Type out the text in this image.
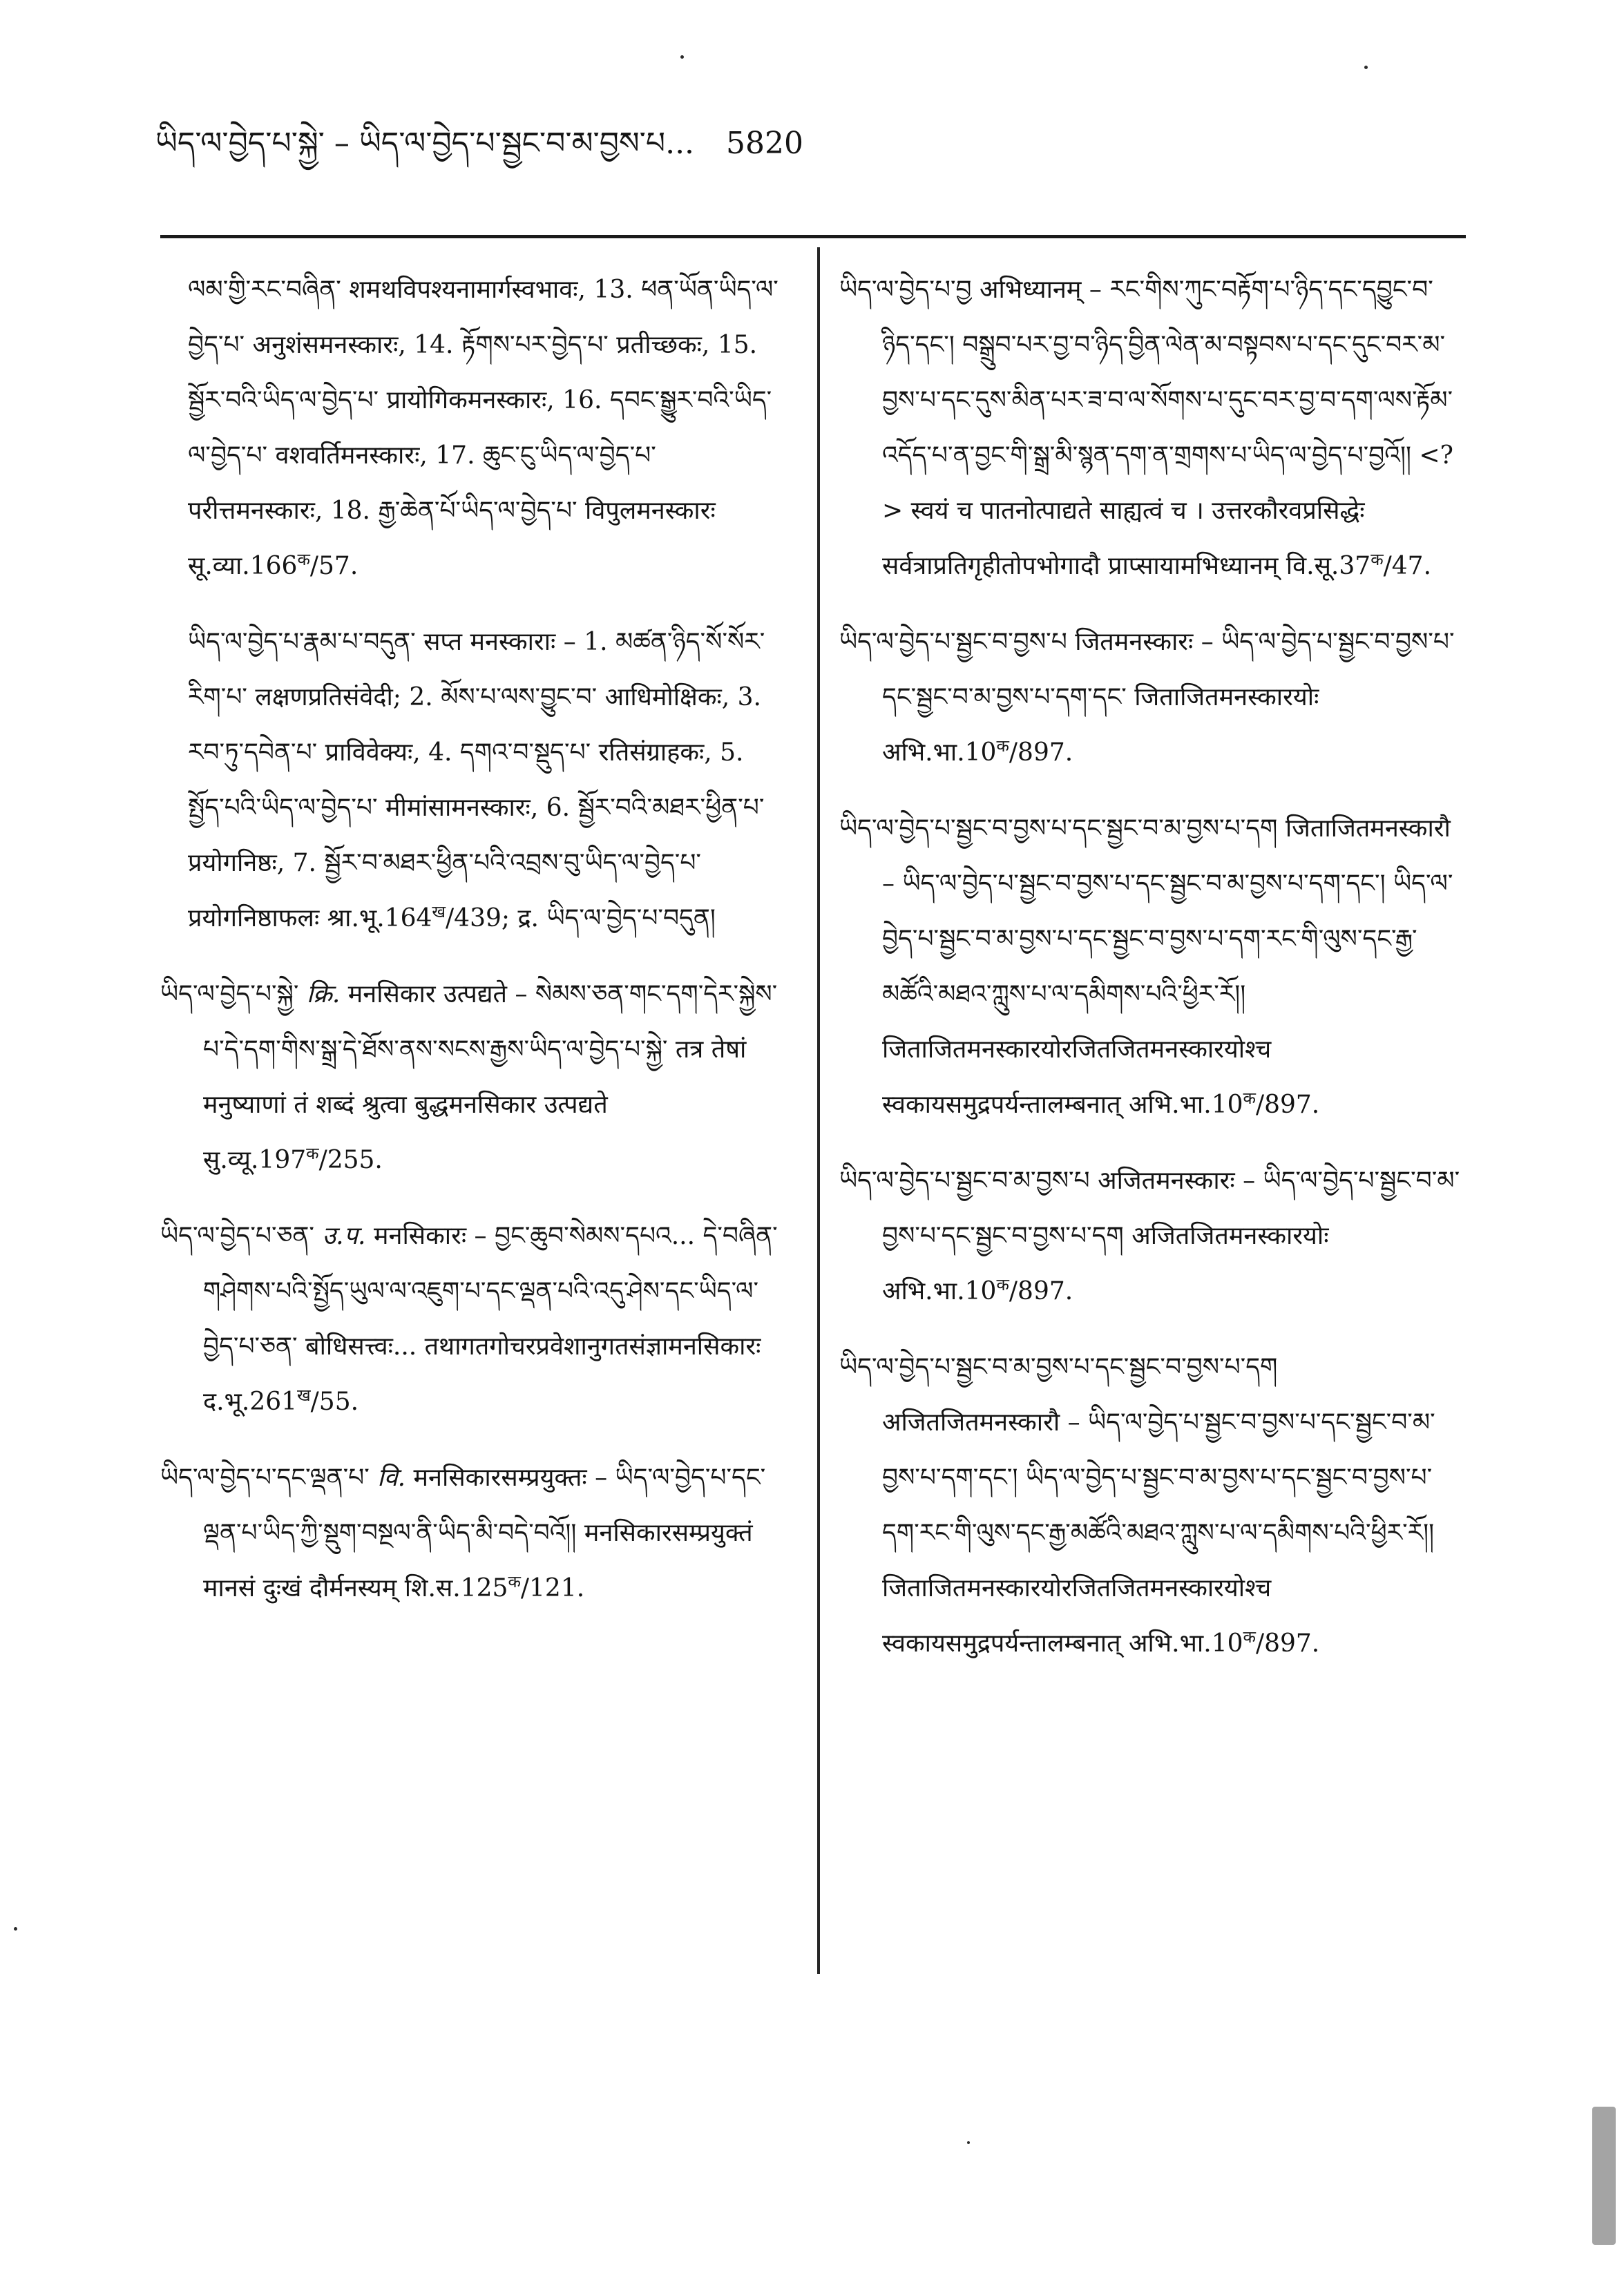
ཡིད་ལ་བྱེད་པ་སྐྱེ་ – ཡིད་ལ་བྱེད་པ་སྦྱང་བ་མ་བྱས་པ... 5820

ལམ་གྱི་རང་བཞིན་ शमथविपश्यनामार्गस्वभावः, 13. ཕན་ཡོན་ཡིད་ལ་བྱེད་པ་ अनुशंसमनस्कारः, 14. རྟོགས་པར་བྱེད་པ་ प्रतीच्छकः, 15. སྦྱོར་བའི་ཡིད་ལ་བྱེད་པ་ प्रायोगिकमनस्कारः, 16. དབང་སྒྱུར་བའི་ཡིད་ལ་བྱེད་པ་ वशवर्तिमनस्कारः, 17. ཆུང་ངུ་ཡིད་ལ་བྱེད་པ་ परीत्तमनस्कारः, 18. རྒྱ་ཆེན་པོ་ཡིད་ལ་བྱེད་པ་ विपुलमनस्कारः $सू.व्या.166^क/57$.

ཡིད་ལ་བྱེད་པ་རྣམ་པ་བདུན་ सप्त मनस्काराः – 1. མཚན་ཉིད་སོ་སོར་རིག་པ་ लक्षणप्रतिसंवेदी; 2. མོས་པ་ལས་བྱུང་བ་ आधिमोक्षिकः, 3. རབ་ཏུ་དབེན་པ་ प्राविवेक्यः, 4. དགའ་བ་སྡུད་པ་ रतिसंग्राहकः, 5. སྤྱོད་པའི་ཡིད་ལ་བྱེད་པ་ मीमांसामनस्कारः, 6. སྦྱོར་བའི་མཐར་ཕྱིན་པ་ प्रयोगनिष्ठः, 7. སྦྱོར་བ་མཐར་ཕྱིན་པའི་འབྲས་བུ་ཡིད་ལ་བྱེད་པ་ प्रयोगनिष्ठाफलः $श्रा.भू.164^ख/439$; द्र. ཡིད་ལ་བྱེད་པ་བདུན།

ཡིད་ལ་བྱེད་པ་སྐྱེ་ क्रि. मनसिकार उत्पद्यते – སེམས་ཅན་གང་དག་དེར་སྐྱེས་པ་དེ་དག་གིས་སྒྲ་དེ་ཐོས་ནས་སངས་རྒྱས་ཡིད་ལ་བྱེད་པ་སྐྱེ་ तत्र तेषां मनुष्याणां तं शब्दं श्रुत्वा बुद्धमनसिकार उत्पद्यते $सु.व्यू.197^क/255$.

ཡིད་ལ་བྱེད་པ་ཅན་ उ.प. मनसिकारः – བྱང་ཆུབ་སེམས་དཔའ... དེ་བཞིན་གཤེགས་པའི་སྤྱོད་ཡུལ་ལ་འཇུག་པ་དང་ལྡན་པའི་འདུ་ཤེས་དང་ཡིད་ལ་བྱེད་པ་ཅན་ बोधिसत्त्वः... तथागतगोचरप्रवेशानुगतसंज्ञामनसिकारः $द.भू.261^ख/55$.

ཡིད་ལ་བྱེད་པ་དང་ལྡན་པ་ वि. मनसिकारसम्प्रयुक्तः – ཡིད་ལ་བྱེད་པ་དང་ལྡན་པ་ཡིད་ཀྱི་སྡུག་བསྔལ་ནི་ཡིད་མི་བདེ་བའོ།། मनसिकारसम्प्रयुक्तं मानसं दुःखं दौर्मनस्यम् $शि.स.125^क/121$.

ཡིད་ལ་བྱེད་པ་བྱ अभिध्यानम् – རང་གིས་ཀུང་བརྟོག་པ་ཉིད་དང་དབྱུང་བ་ཉིད་དང་། བསྒྲུབ་པར་བྱ་བ་ཉིད་བྱིན་ལེན་མ་བསྟབས་པ་དང་དུང་བར་མ་བྱས་པ་དང་དུས་མིན་པར་ཟ་བ་ལ་སོགས་པ་དུང་བར་བྱ་བ་དག་ལས་རྟོམ་འདོད་པ་ན་བྱང་གི་སྒྲ་མི་སྙན་དག་ན་གྲགས་པ་ཡིད་ལ་བྱེད་པ་བྱའོ།། <?> स्वयं च पातनोत्पाद्यते साह्यत्वं च । उत्तरकौरवप्रसिद्धेः सर्वत्राप्रतिगृहीतोपभोगादौ प्राप्सायामभिध्यानम् $वि.सू.37^क/47$.

ཡིད་ལ་བྱེད་པ་སྦྱང་བ་བྱས་པ जितमनस्कारः – ཡིད་ལ་བྱེད་པ་སྦྱང་བ་བྱས་པ་དང་སྦྱང་བ་མ་བྱས་པ་དག་དང་ जिताजितमनस्कारयोः $अभि.भा.10^क/897$.

ཡིད་ལ་བྱེད་པ་སྦྱང་བ་བྱས་པ་དང་སྦྱང་བ་མ་བྱས་པ་དག जिताजितमनस्कारौ – ཡིད་ལ་བྱེད་པ་སྦྱང་བ་བྱས་པ་དང་སྦྱང་བ་མ་བྱས་པ་དག་དང་། ཡིད་ལ་བྱེད་པ་སྦྱང་བ་མ་བྱས་པ་དང་སྦྱང་བ་བྱས་པ་དག་རང་གི་ལུས་དང་རྒྱ་མཚོའི་མཐའ་ཀླུས་པ་ལ་དམིགས་པའི་ཕྱིར་རོ།། जिताजितमनस्कारयोरजितजितमनस्कारयोश्च स्वकायसमुद्रपर्यन्तालम्बनात् $अभि.भा.10^क/897$.

ཡིད་ལ་བྱེད་པ་སྦྱང་བ་མ་བྱས་པ अजितमनस्कारः – ཡིད་ལ་བྱེད་པ་སྦྱང་བ་མ་བྱས་པ་དང་སྦྱང་བ་བྱས་པ་དག अजितजितमनस्कारयोः $अभि.भा.10^क/897$.

ཡིད་ལ་བྱེད་པ་སྦྱང་བ་མ་བྱས་པ་དང་སྦྱང་བ་བྱས་པ་དག अजितजितमनस्कारौ – ཡིད་ལ་བྱེད་པ་སྦྱང་བ་བྱས་པ་དང་སྦྱང་བ་མ་བྱས་པ་དག་དང་། ཡིད་ལ་བྱེད་པ་སྦྱང་བ་མ་བྱས་པ་དང་སྦྱང་བ་བྱས་པ་དག་རང་གི་ལུས་དང་རྒྱ་མཚོའི་མཐའ་ཀླུས་པ་ལ་དམིགས་པའི་ཕྱིར་རོ།། जिताजितमनस्कारयोरजितजितमनस्कारयोश्च स्वकायसमुद्रपर्यन्तालम्बनात् $अभि.भा.10^क/897$.
